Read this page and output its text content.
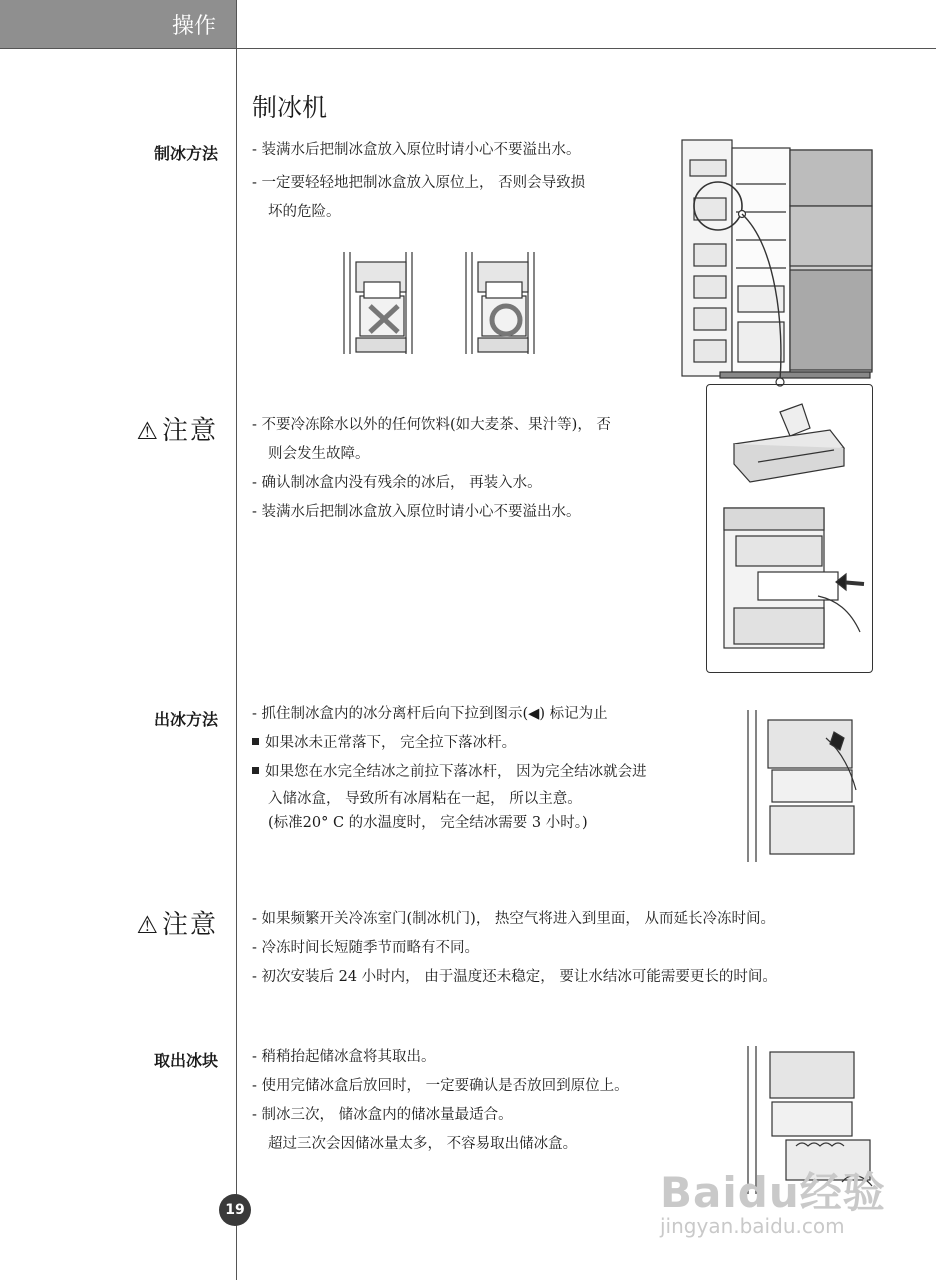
操作
制冰机
制冰方法 - 装满水后把制冰盒放入原位时请小心不要溢出水。
- 一定要轻轻地把制冰盒放入原位上， 否则会导致损
坏的危险。
⚠注意 - 不要冷冻除水以外的任何饮料(如大麦茶、果汁等)， 否
则会发生故障。
- 确认制冰盒内没有残余的冰后， 再装入水。
- 装满水后把制冰盒放入原位时请小心不要溢出水。
出冰方法 - 抓住制冰盒内的冰分离杆后向下拉到图示(◀) 标记为止
如果冰未正常落下， 完全拉下落冰杆。
如果您在水完全结冰之前拉下落冰杆， 因为完全结冰就会进
入储冰盒， 导致所有冰屑粘在一起， 所以主意。
(标准20° C 的水温度时， 完全结冰需要 3 小时。)
⚠注意 - 如果频繁开关冷冻室门(制冰机门)， 热空气将进入到里面， 从而延长冷冻时间。
- 冷冻时间长短随季节而略有不同。
- 初次安装后 24 小时内， 由于温度还未稳定， 要让水结冰可能需要更长的时间。
取出冰块 - 稍稍抬起储冰盒将其取出。
- 使用完储冰盒后放回时， 一定要确认是否放回到原位上。
- 制冰三次， 储冰盒内的储冰量最适合。
超过三次会因储冰量太多， 不容易取出储冰盒。
19	Baidu经验
jingyan.baidu.com
